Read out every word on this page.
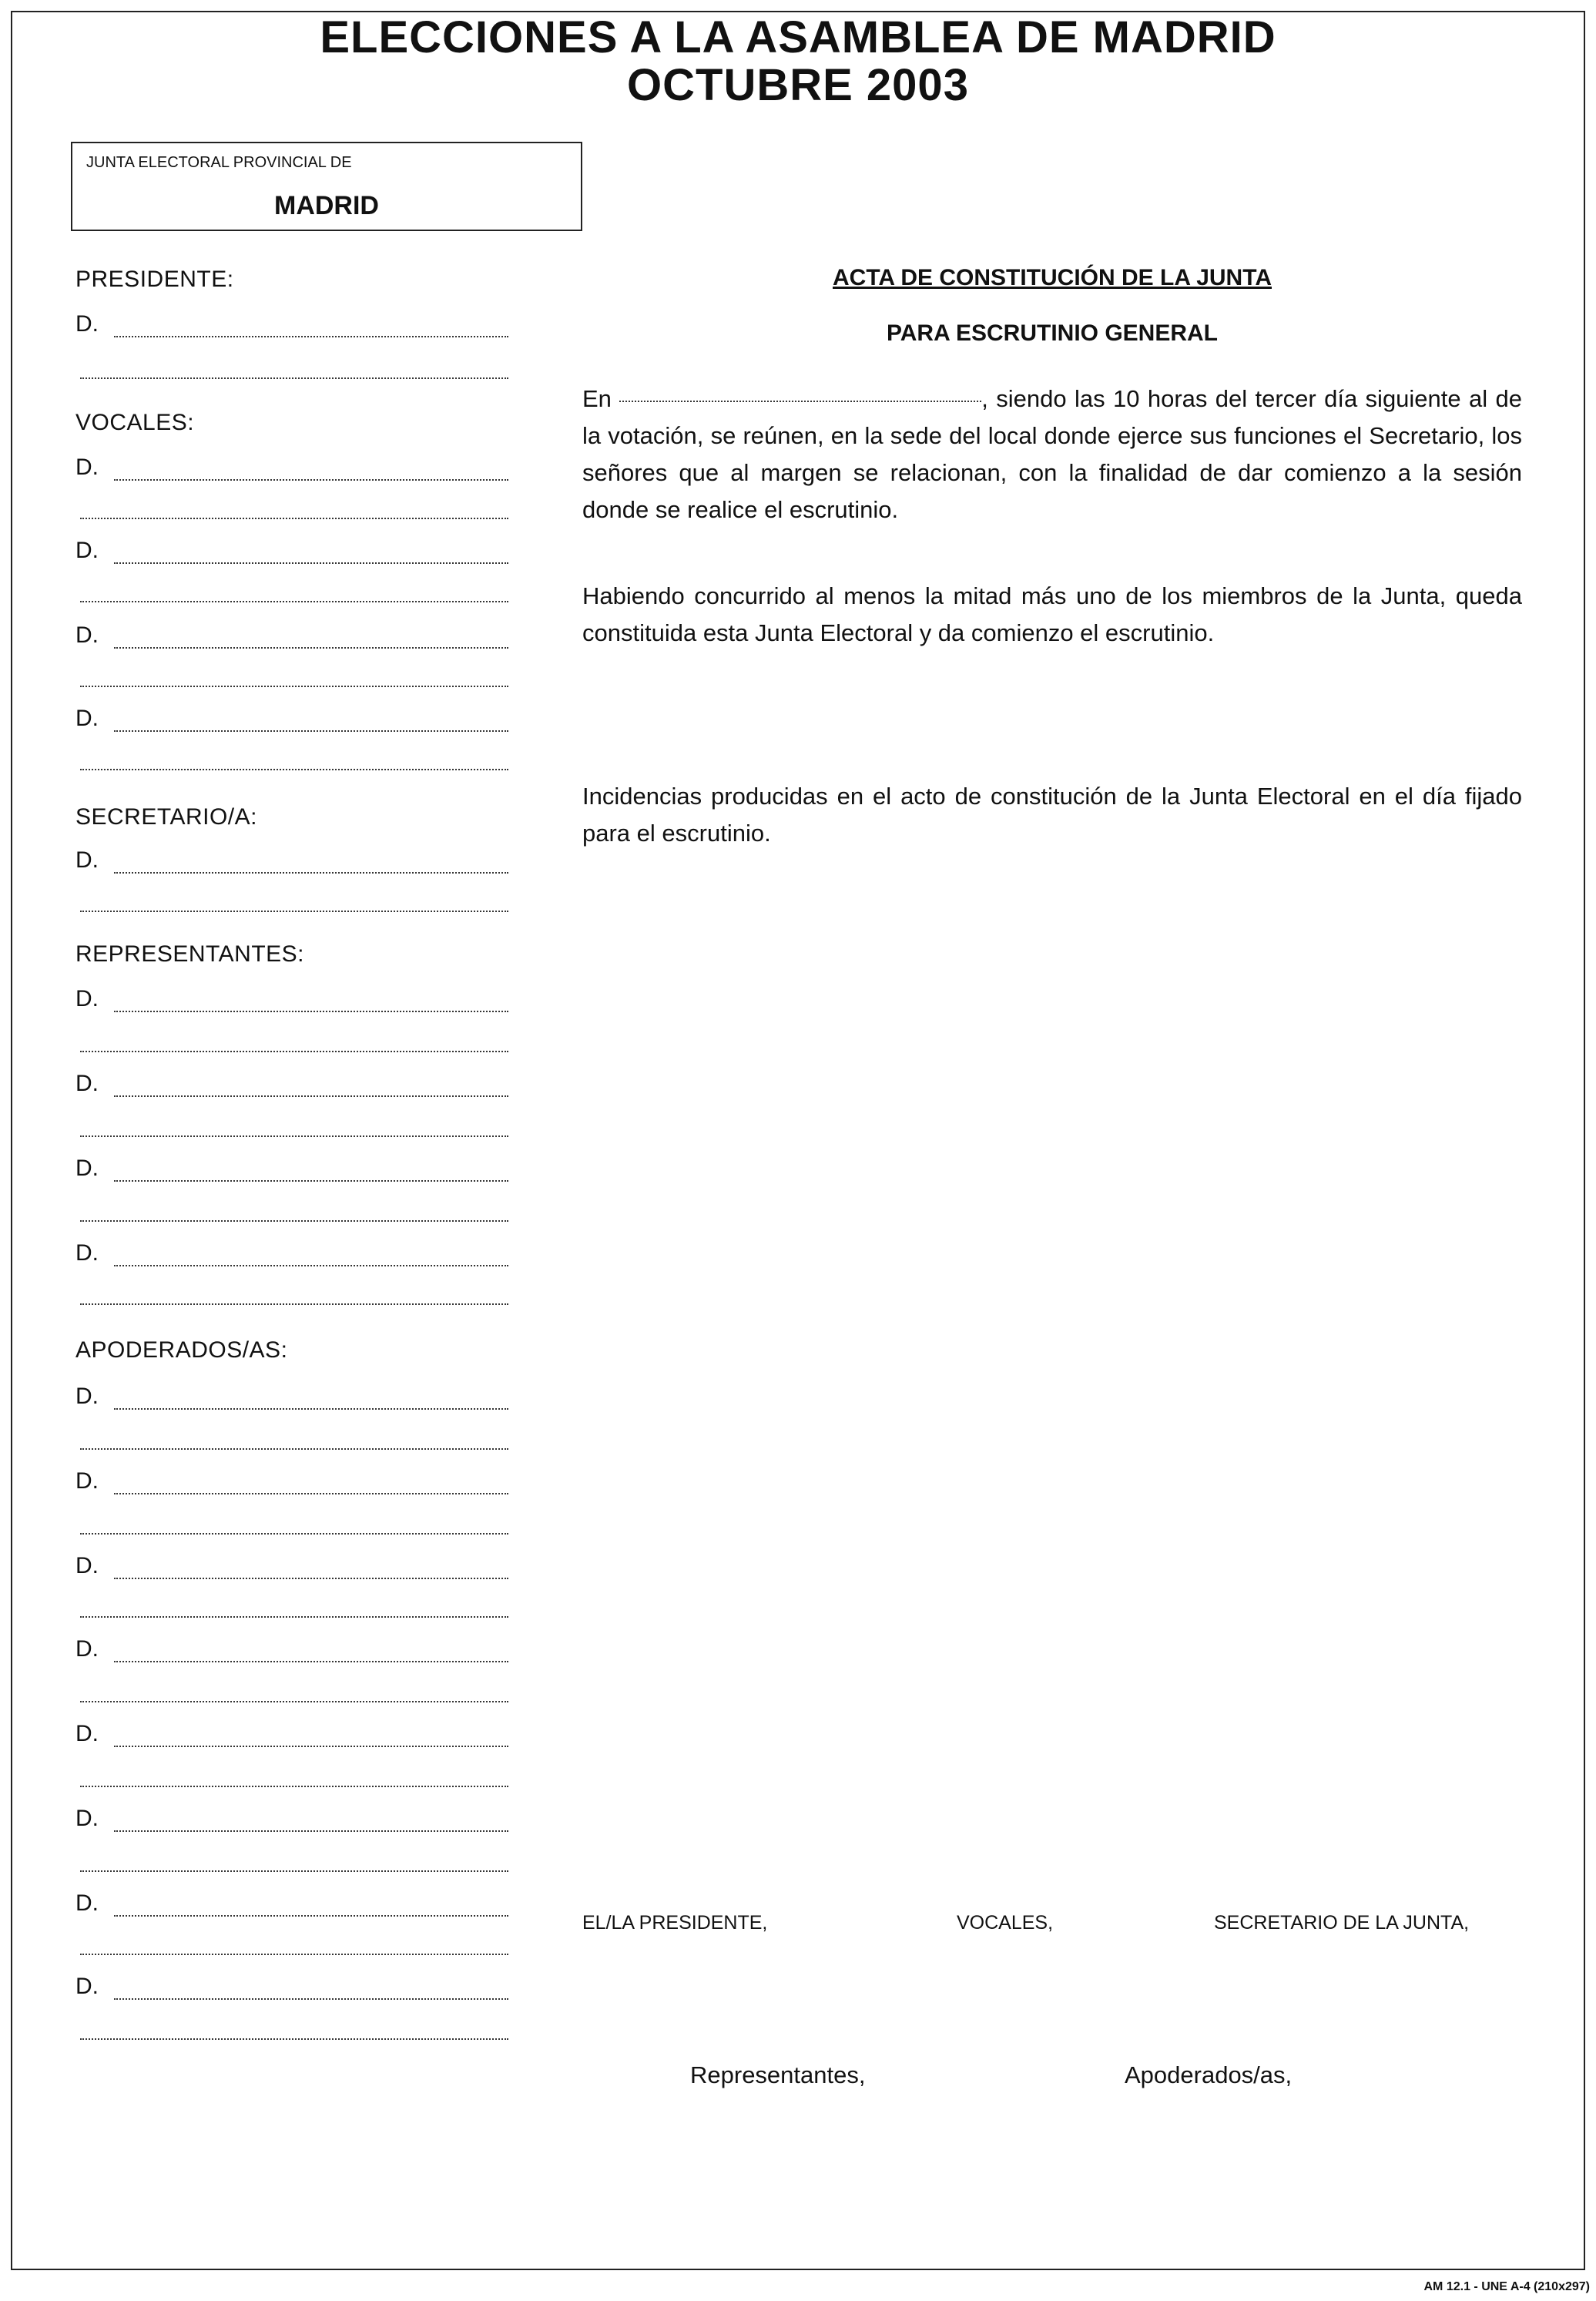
ELECCIONES A LA ASAMBLEA DE MADRID
OCTUBRE 2003
JUNTA ELECTORAL PROVINCIAL DE
MADRID
PRESIDENTE:
D.
VOCALES:
D.
D.
D.
D.
SECRETARIO/A:
D.
REPRESENTANTES:
D.
D.
D.
D.
APODERADOS/AS:
D.
D.
D.
D.
D.
D.
D.
D.
ACTA DE CONSTITUCIÓN DE LA JUNTA
PARA ESCRUTINIO GENERAL
En	, siendo las 10 horas del tercer día siguiente al de la votación, se reúnen, en la sede del local donde ejerce sus funciones el Secretario, los señores que al margen se relacionan, con la finalidad de dar comienzo a la sesión donde se realice el escrutinio.
Habiendo concurrido al menos la mitad más uno de los miembros de la Junta, queda constituida esta Junta Electoral y da comienzo el escrutinio.
Incidencias producidas en el acto de constitución de la Junta Electoral en el día fijado para el escrutinio.
EL/LA PRESIDENTE,	VOCALES,	SECRETARIO DE LA JUNTA,
Representantes,	Apoderados/as,
AM 12.1 - UNE A-4 (210x297)
